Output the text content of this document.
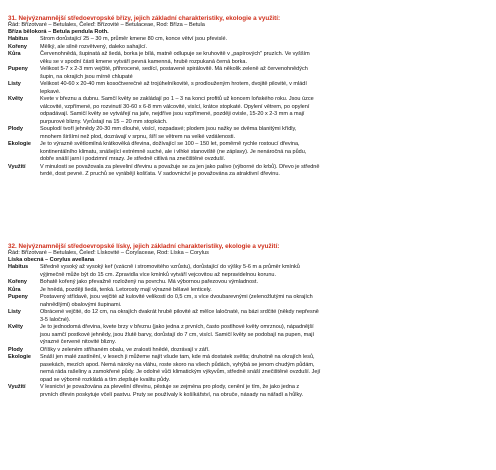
31. Nejvýznamnější středoevropské břízy, jejich základní charakteristiky, ekologie a využití:
Řád: Břízotvaré – Betulales, Čeleď: Břízovité – Betulaceae, Rod: Bříza – Betula
Bříza bělokorá – Betula pendula Roth.
Habitus	Strom dorůstající 25 – 30 m, průměr kmene 80 cm, konce větví jsou převislé.
Kořeny	Mělký, ale silně rozvětvený, daleko sahající.
Kůra	Červenohnědá, šupinatá až šedá, borka je bílá, matně odlupuje se kruhovitě v „papírových" pruzích. Ve vyšším
věku se v spodní části kmene vytváří pevná kamenná, hrubě rozpukaná černá borka.
Pupeny	Velikost 5-7 x 2-3 mm vejčité, přihrocené, sedící, postavené spirálovitě. Má několik zeleně až červenohnědých
šupin, na okrajích jsou mírně chlupaté
Listy	Velikost 40-60 x 20-40 mm kosočtverečné až trojúhelníkovité, s prodlouženým hrotem, dvojitě pilovité, v mládí
lepkavé.
Květy	Kvete v březnu a dubnu. Samčí květy se zakládají po 1 – 3 na konci profitů už koncem loňského roku. Jsou úzce
válcovité, vzpřímené, po rozvinutí 30-60 x 6-8 mm válcovité, visící, krátce stopkaté. Opylení větrem, po opylení
odpadávají. Samičí květy se vytvářejí na jaře, nejdříve jsou vzpřímené, později ovisle, 15-20 x 2-3 mm a mají
purpurové blizny. Vyrůstají na 15 – 20 mm stopkách.
Plody	Souplodí tvoří jehnědy 20-30 mm dlouhé, visící, rozpadavé; plodem jsou nažky se dvěma blanitými křídly,
mnohem širšími než plod, dozrávají v srpnu, šíří se větrem na velké vzdálenosti.
Ekologie	Je to výrazně světlomilná krátkověká dřevina, dožívající se 100 – 150 let, poměrně rychle rostoucí dřevina,
kontinentálního klimatu, snášející extrémně suché, ale i vlhké stanoviště (ne záplavy). Je nenáročná na půdu,
dobře snáší jarní i podzimní mrazy. Je středně citlivá na znečištěné ovzduší.
Využití	V minulosti se považovala za pleveliní dřevinu a považuje se za jen jako palivo (výborné do krbů). Dřevo je středně
tvrdé, dost pevné. Z pruchů se vyrábějí košťata. V sadovnictví je považována za atraktivní dřevinu.
32. Nejvýznamnější středoevropské lísky, jejich základní charakteristiky, ekologie a využití:
Řád: Břízotvaré – Betulales, Čeleď: Lískovité – Corylaceae, Rod: Líska – Corylus
Líska obecná – Corylus avellana
Habitus	Středně vysoký až vysoký keř (vzácně i stromovitého vzrůstu), dorůstající do výšky 5-6 m a průměr kmínků
výjimečně může být do 15 cm. Zpravidla více kmínků vytváří vejcovitou až nepravidelnou korunu.
Kořeny	Bohatě kořený jako převažně rozložený na povrchu. Má výbornou pařezovou výmladnost.
Kůra	Je hnědá, později šedá, tenká. Letorosty mají výrazné bělavé lenticely.
Pupeny	Postavený střídavě, jsou vejčité až kulovité velikosti do 0,5 cm, s více dvoubarevnými (zelenožlutými na okrajích
nahnědlými) obalovými šupinami.
Listy	Obrácené vejčité, do 12 cm, na okrajích dvakrát hrubě pilovité až mělce laločnaté, na bázi srdčité (někdy nepřesně
3-5 laločné).
Květy	Je to jednodomá dřevina, kvete brzy v březnu (jako jedna z prvních, často postlhové květy omrznou), nápadnější
jsou samčí postkové jehnědy, jsou žlutě barvy, dorůstají do 7 cm, visící. Samičí květy se podobají na pupen, mají
výrazné červené nitovité blizny.
Plody	Oříšky v zeleném střihaném obalu, ve zralosti hnědé, dozrávají v září.
Ekologie	Snáší jen malé zastínění, v lesech ji můžeme najít všude tam, kde má dostatek světla; druhotně na okrajích lesů,
pasekách, mezích apod. Nemá nároky na vláhu, roste skoro na všech půdách, vyhýbá se jenom chudým půdám,
nemá ráda rašeliny a zamokřené půdy. Je odolné vůči klimatickým výkyvům, středně snáší znečištěné ovzduší. Její
opad se výborně rozkládá a tím zlepšuje kvalitu půdy.
Využití	V lesnictví je považována za pleveliní dřevinu, pěstuje se zejména pro plody, cenění je tím, že jako jedna z
prvních dřevin poskytuje včelí pastvu. Pruty se používaly k košíkářství, na obruče, násady na nářadí a hůlky.
